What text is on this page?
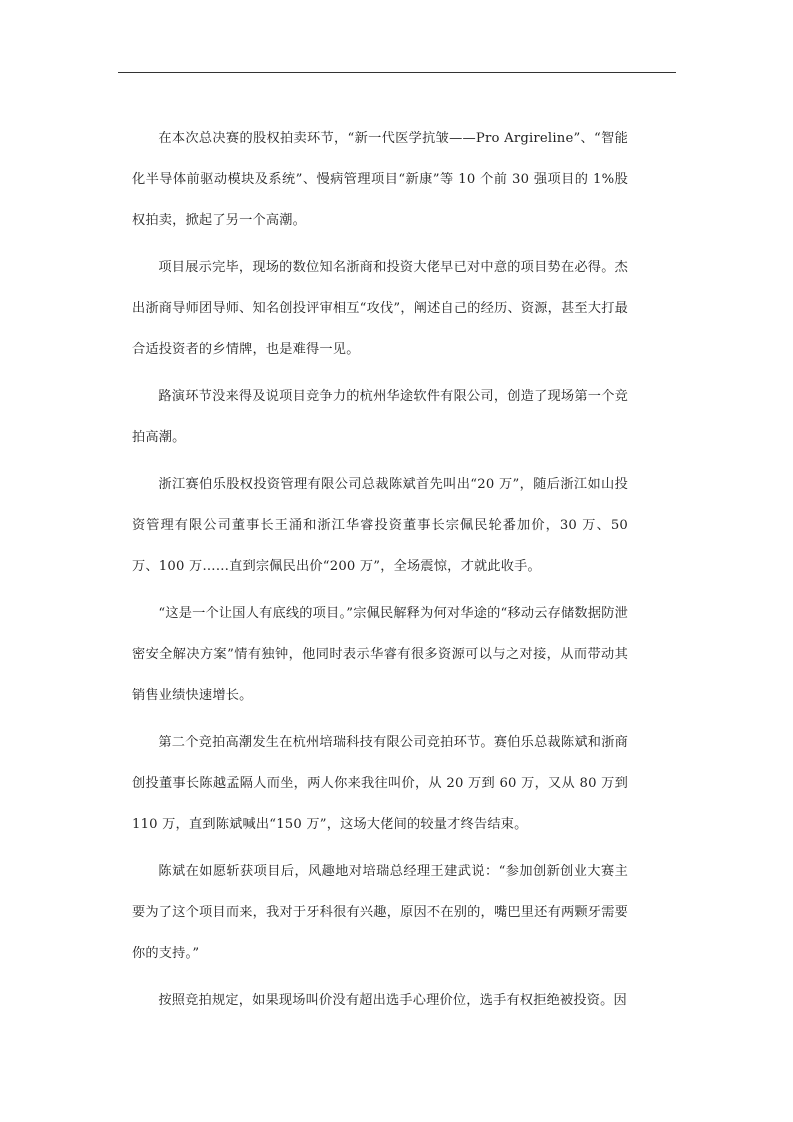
在本次总决赛的股权拍卖环节，“新一代医学抗皱——Pro Argireline”、“智能化半导体前驱动模块及系统”、慢病管理项目“新康”等 10 个前 30 强项目的 1%股权拍卖，掀起了另一个高潮。

项目展示完毕，现场的数位知名浙商和投资大佬早已对中意的项目势在必得。杰出浙商导师团导师、知名创投评审相互“攻伐”，阐述自己的经历、资源，甚至大打最合适投资者的乡情牌，也是难得一见。

路演环节没来得及说项目竞争力的杭州华途软件有限公司，创造了现场第一个竞拍高潮。

浙江赛伯乐股权投资管理有限公司总裁陈斌首先叫出“20 万”，随后浙江如山投资管理有限公司董事长王涌和浙江华睿投资董事长宗佩民轮番加价，30 万、50 万、100 万……直到宗佩民出价“200 万”，全场震惊，才就此收手。

“这是一个让国人有底线的项目。”宗佩民解释为何对华途的“移动云存储数据防泄密安全解决方案”情有独钟，他同时表示华睿有很多资源可以与之对接，从而带动其销售业绩快速增长。

第二个竞拍高潮发生在杭州培瑞科技有限公司竞拍环节。赛伯乐总裁陈斌和浙商创投董事长陈越孟隔人而坐，两人你来我往叫价，从 20 万到 60 万，又从 80 万到 110 万，直到陈斌喊出“150 万”，这场大佬间的较量才终告结束。

陈斌在如愿斩获项目后，风趣地对培瑞总经理王建武说：“参加创新创业大赛主要为了这个项目而来，我对于牙科很有兴趣，原因不在别的，嘴巴里还有两颗牙需要你的支持。”

按照竞拍规定，如果现场叫价没有超出选手心理价位，选手有权拒绝被投资。因
